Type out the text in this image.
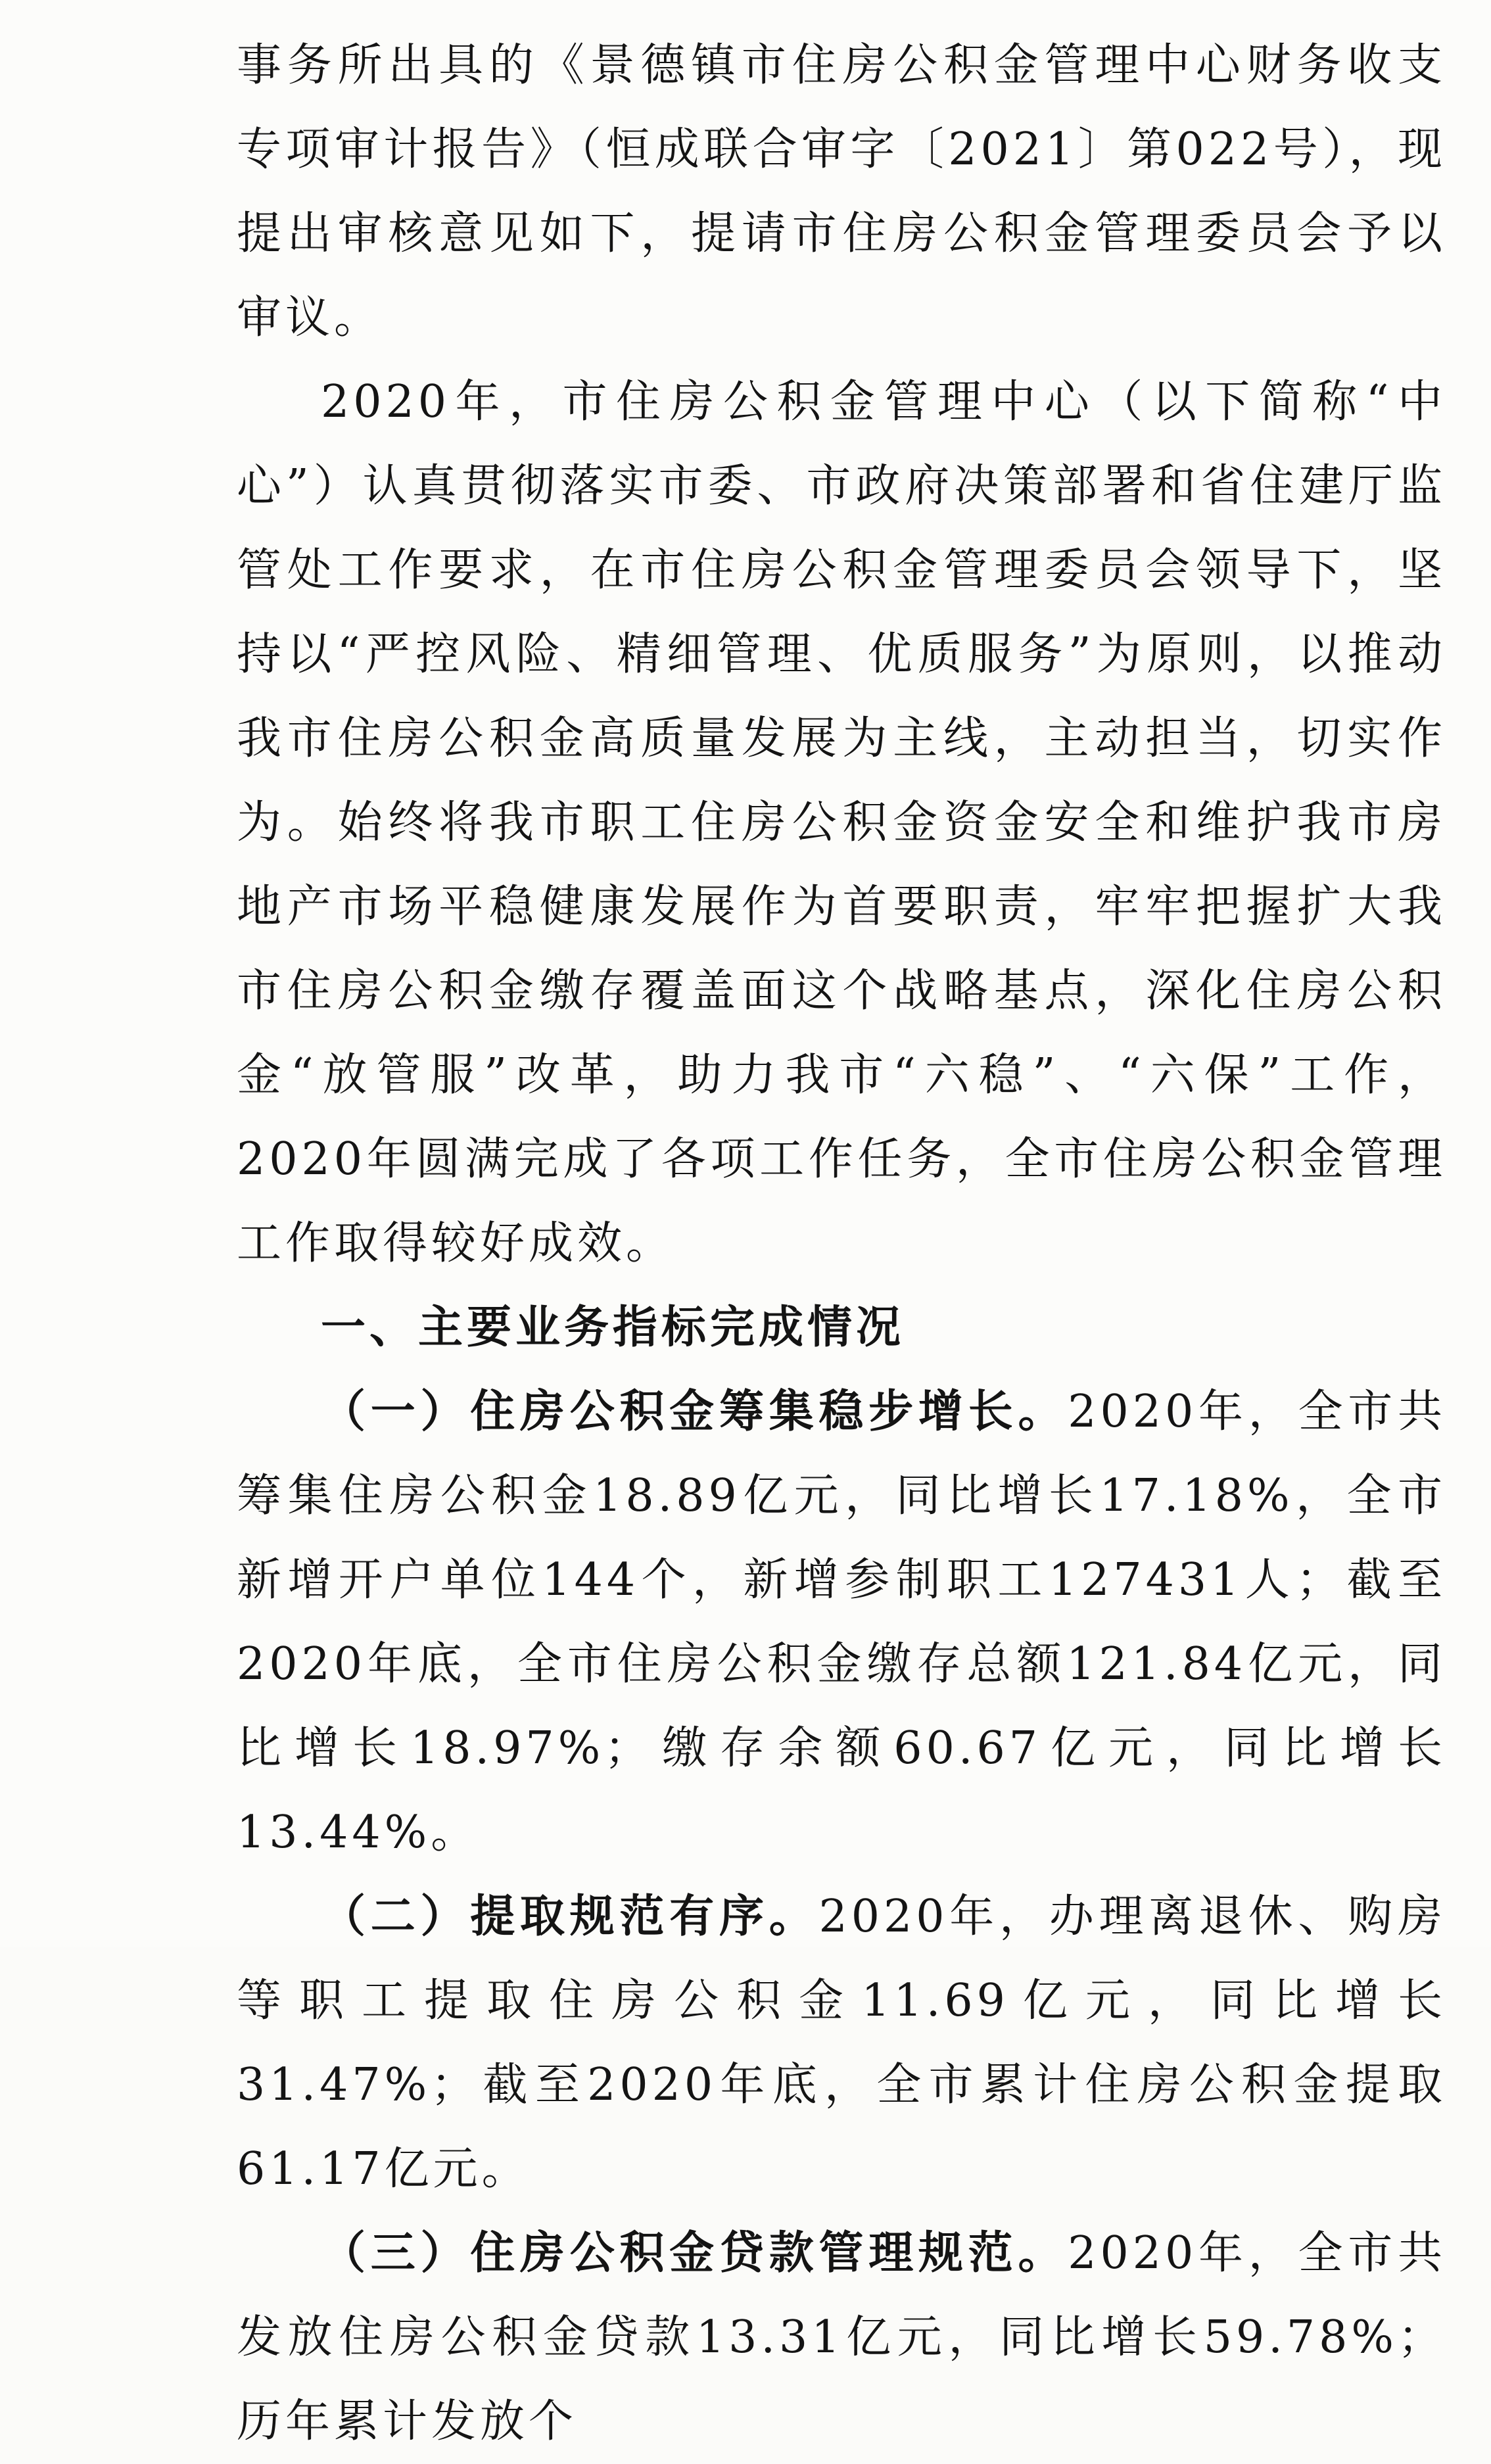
事务所出具的《景德镇市住房公积金管理中心财务收支专项审计报告》（恒成联合审字〔2021〕第022号），现提出审核意见如下，提请市住房公积金管理委员会予以审议。

2020年，市住房公积金管理中心（以下简称“中心”）认真贯彻落实市委、市政府决策部署和省住建厅监管处工作要求，在市住房公积金管理委员会领导下，坚持以“严控风险、精细管理、优质服务”为原则，以推动我市住房公积金高质量发展为主线，主动担当，切实作为。始终将我市职工住房公积金资金安全和维护我市房地产市场平稳健康发展作为首要职责，牢牢把握扩大我市住房公积金缴存覆盖面这个战略基点，深化住房公积金“放管服”改革，助力我市“六稳”、“六保”工作，2020年圆满完成了各项工作任务，全市住房公积金管理工作取得较好成效。

一、主要业务指标完成情况

（一）住房公积金筹集稳步增长。2020年，全市共筹集住房公积金18.89亿元，同比增长17.18%，全市新增开户单位144个，新增参制职工127431人；截至2020年底，全市住房公积金缴存总额121.84亿元，同比增长18.97%；缴存余额60.67亿元，同比增长13.44%。

（二）提取规范有序。2020年，办理离退休、购房等职工提取住房公积金11.69亿元，同比增长31.47%；截至2020年底，全市累计住房公积金提取61.17亿元。

（三）住房公积金贷款管理规范。2020年，全市共发放住房公积金贷款13.31亿元，同比增长59.78%；历年累计发放个
